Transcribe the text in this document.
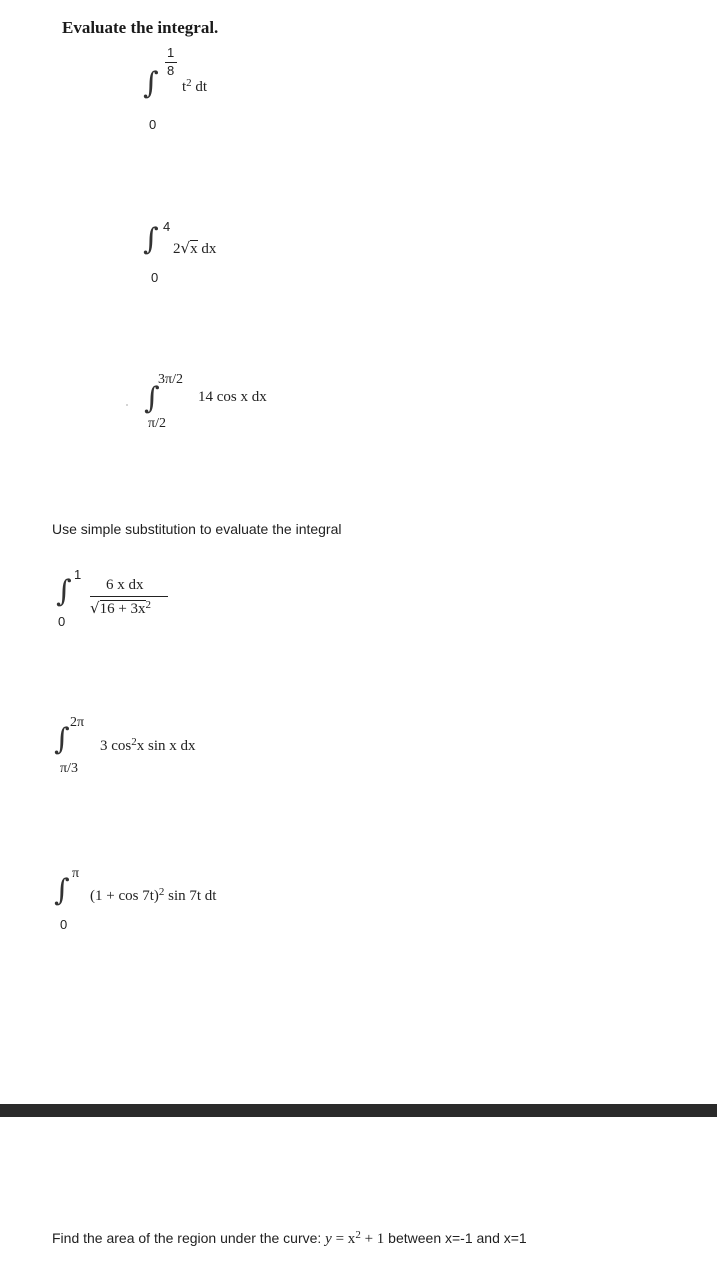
Evaluate the integral.
∫
1
8
$t^2$ dt
0
∫ 4
2√x dx
0
∫
3π/2
14 cos x dx
π/2
Use simple substitution to evaluate the integral
∫ 1
0
6 x dx
$√16 + 3x^2$
∫ 2π
3 $\cos^2x$ sin x dx
π/3
∫ π
$(1 + \cos 7t)^2$ sin 7t dt
0
Find the area of the region under the curve: $y = x^2 + 1$ between x=-1 and x=1
